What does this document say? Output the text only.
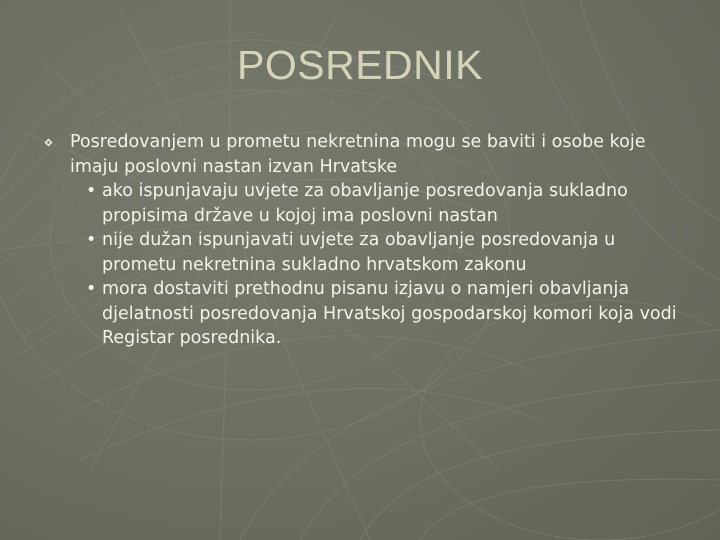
POSREDNIK
Posredovanjem u prometu nekretnina mogu se baviti i osobe koje imaju poslovni nastan izvan Hrvatske
• ako ispunjavaju uvjete za obavljanje posredovanja sukladno propisima države u kojoj ima poslovni nastan
• nije dužan ispunjavati uvjete za obavljanje posredovanja u prometu nekretnina sukladno hrvatskom zakonu
• mora dostaviti prethodnu pisanu izjavu o namjeri obavljanja djelatnosti posredovanja Hrvatskoj gospodarskoj komori koja vodi Registar posrednika.
